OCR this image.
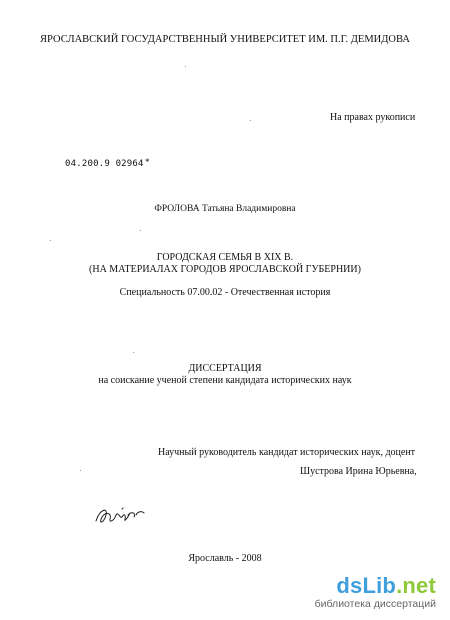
ЯРОСЛАВСКИЙ ГОСУДАРСТВЕННЫЙ УНИВЕРСИТЕТ ИМ. П.Г. ДЕМИДОВА
На правах рукописи
04.200.9 02964 *
ФРОЛОВА Татьяна Владимировна
ГОРОДСКАЯ СЕМЬЯ В XIX В.
(НА МАТЕРИАЛАХ ГОРОДОВ ЯРОСЛАВСКОЙ ГУБЕРНИИ)
Специальность 07.00.02 - Отечественная история
ДИССЕРТАЦИЯ
на соискание ученой степени кандидата исторических наук
Научный руководитель кандидат исторических наук, доцент
Шустрова Ирина Юрьевна,
Ярославль - 2008
dsLib.net
библиотека диссертаций
